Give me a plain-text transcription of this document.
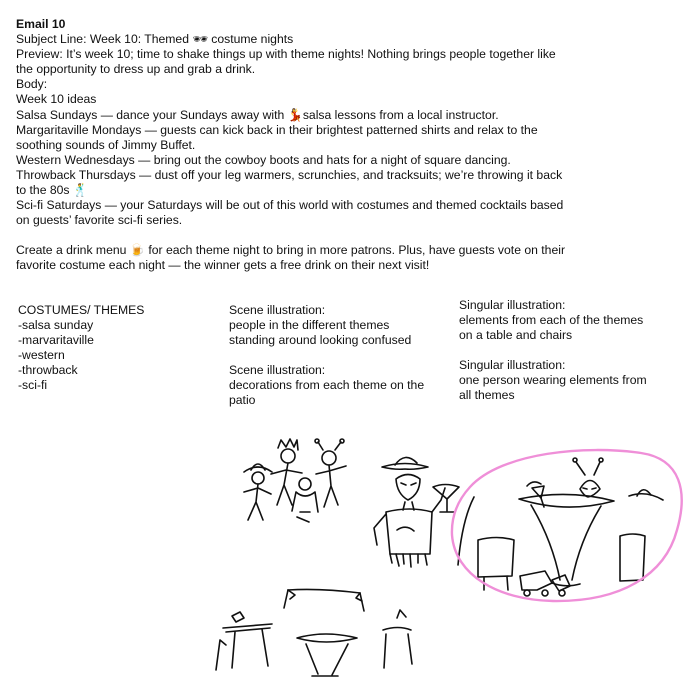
Email 10

Subject Line: Week 10: Themed 🕶 costume nights

Preview: It’s week 10; time to shake things up with theme nights! Nothing brings people together like

the opportunity to dress up and grab a drink.

Body:

Week 10 ideas

Salsa Sundays — dance your Sundays away with 💃salsa lessons from a local instructor.

Margaritaville Mondays — guests can kick back in their brightest patterned shirts and relax to the

soothing sounds of Jimmy Buffet.

Western Wednesdays — bring out the cowboy boots and hats for a night of square dancing.

Throwback Thursdays — dust off your leg warmers, scrunchies, and tracksuits; we’re throwing it back

to the 80s 🕺

Sci-fi Saturdays — your Saturdays will be out of this world with costumes and themed cocktails based

on guests’ favorite sci-fi series.

Create a drink menu 🍺 for each theme night to bring in more patrons. Plus, have guests vote on their

favorite costume each night — the winner gets a free drink on their next visit!

COSTUMES/ THEMES

-salsa sunday

-marvaritaville

-western

-throwback

-sci-fi

Scene illustration:

people in the different themes

standing around looking confused

Scene illustration:

decorations from each theme on the

patio

Singular illustration:

elements from each of the themes

on a table and chairs

Singular illustration:

one person wearing elements from

all themes
